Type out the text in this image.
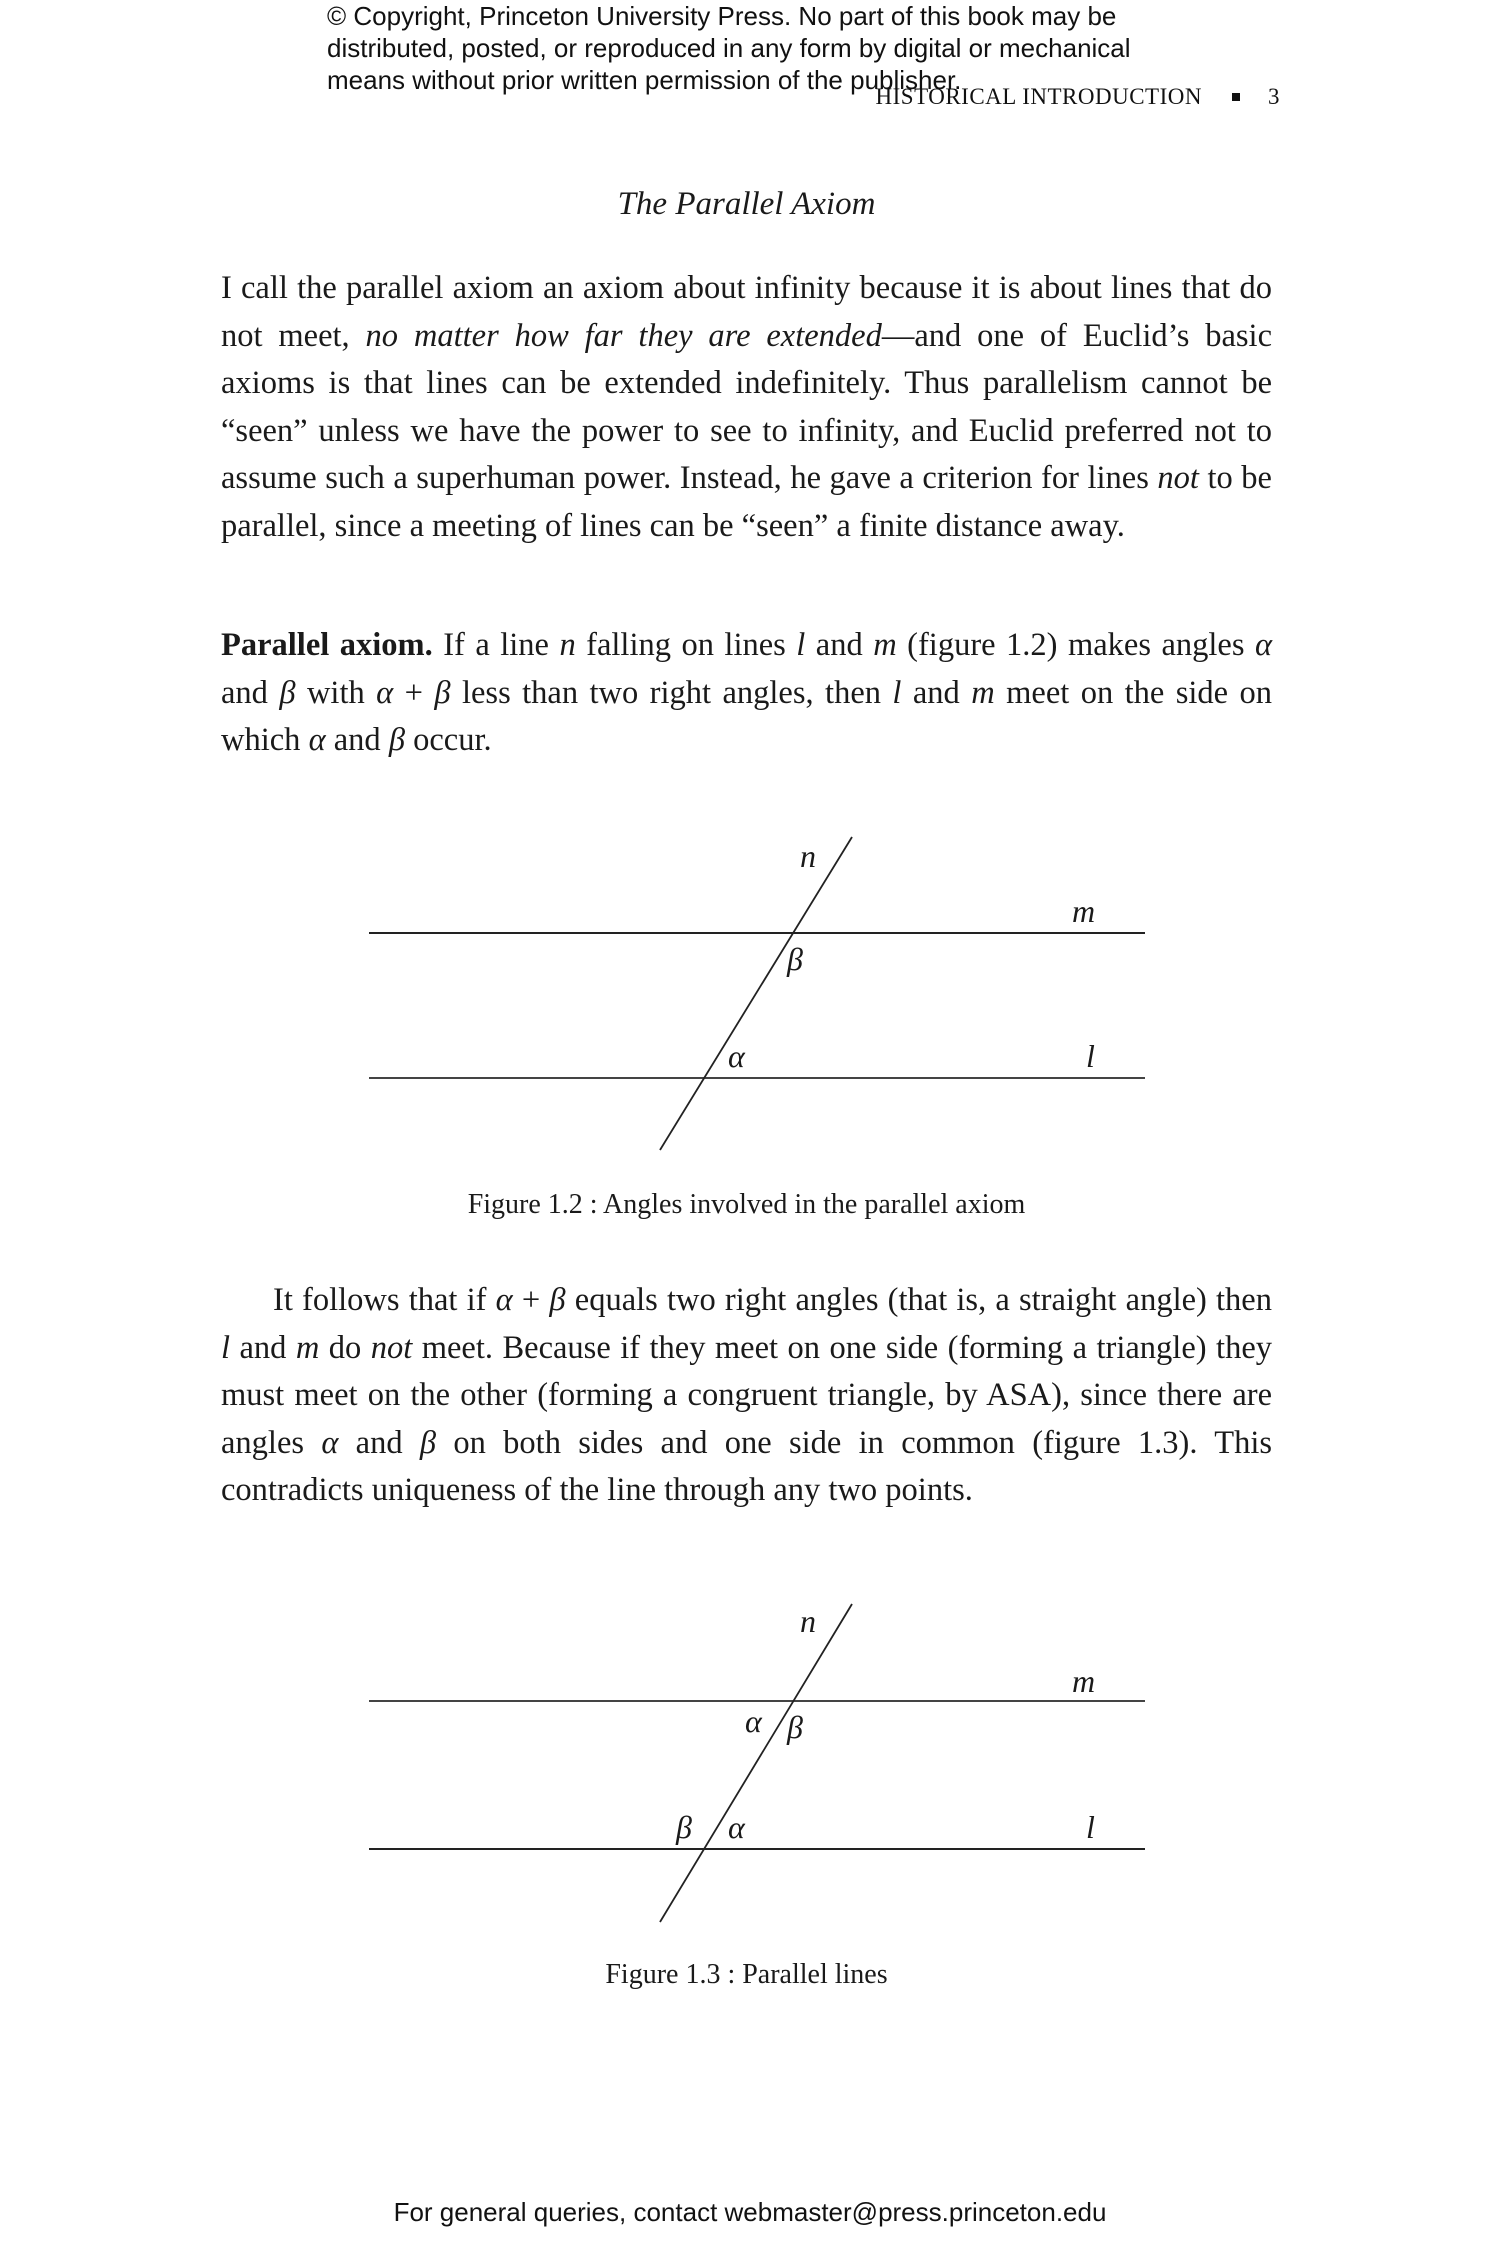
© Copyright, Princeton University Press. No part of this book may be
distributed, posted, or reproduced in any form by digital or mechanical
means without prior written permission of the publisher.
HISTORICAL INTRODUCTION	3
The Parallel Axiom
I call the parallel axiom an axiom about infinity because it is about lines that do not meet, no matter how far they are extended—and one of Euclid’s basic axioms is that lines can be extended indefinitely. Thus parallelism cannot be “seen” unless we have the power to see to infinity, and Euclid preferred not to assume such a superhuman power. Instead, he gave a criterion for lines not to be parallel, since a meeting of lines can be “seen” a finite distance away.
Parallel axiom. If a line n falling on lines l and m (figure 1.2) makes angles α and β with α + β less than two right angles, then l and m meet on the side on which α and β occur.
n
m
β
α	l
n
m
α β
β α	l
Figure 1.2 : Angles involved in the parallel axiom
It follows that if α + β equals two right angles (that is, a straight angle) then l and m do not meet. Because if they meet on one side (forming a triangle) they must meet on the other (forming a congruent triangle, by ASA), since there are angles α and β on both sides and one side in common (figure 1.3). This contradicts uniqueness of the line through any two points.
Figure 1.3 : Parallel lines
For general queries, contact webmaster@press.princeton.edu
